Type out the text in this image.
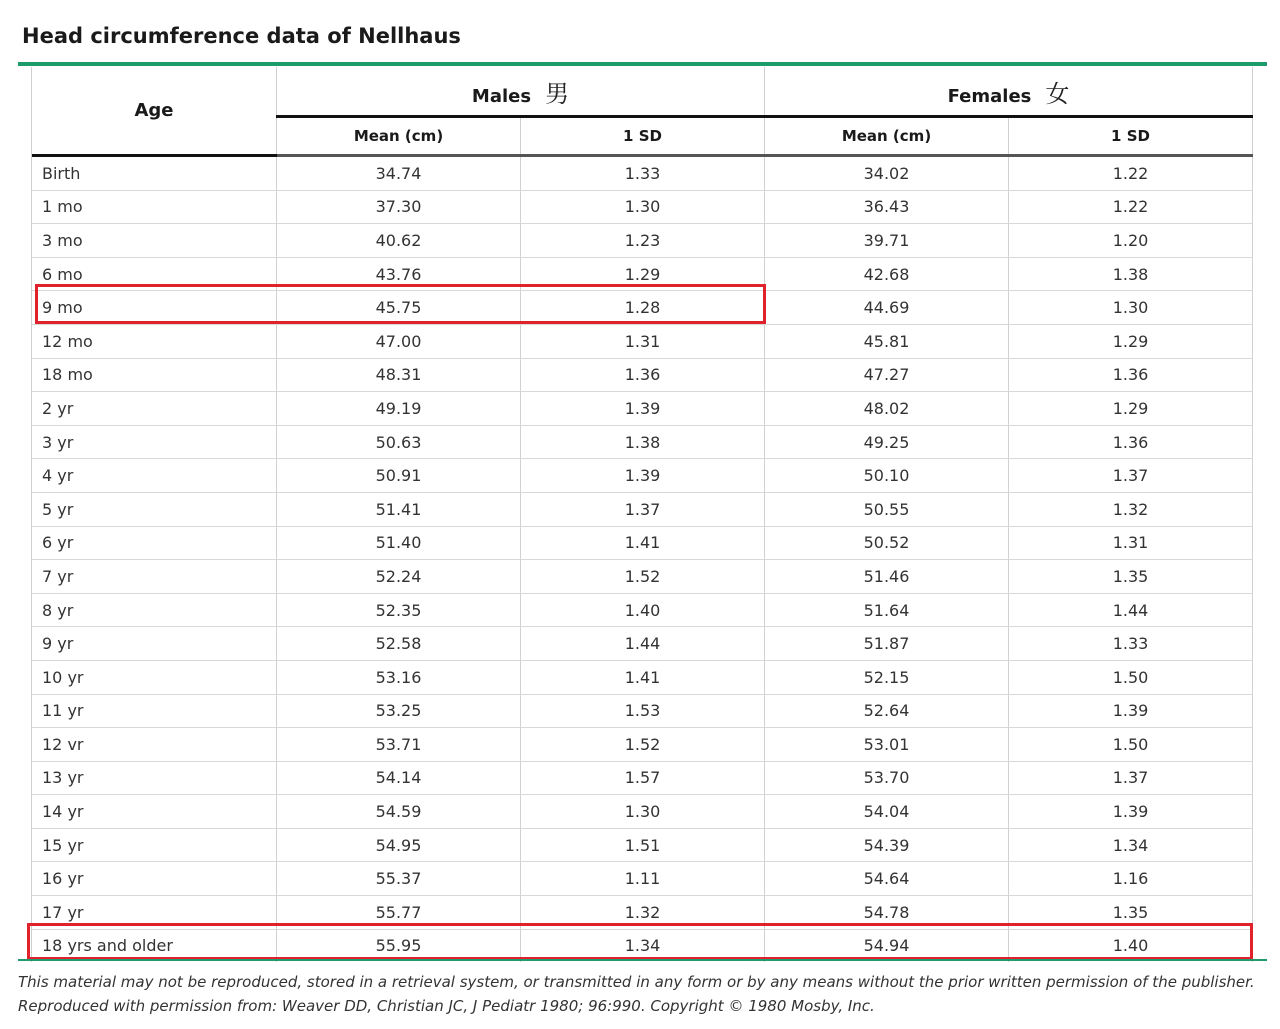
Head circumference data of Nellhaus
Age	Males 男		Females 女	
	Mean (cm)	1 SD	Mean (cm)	1 SD
Birth	34.74	1.33	34.02	1.22
1 mo	37.30	1.30	36.43	1.22
3 mo	40.62	1.23	39.71	1.20
6 mo	43.76	1.29	42.68	1.38
9 mo	45.75	1.28	44.69	1.30
12 mo	47.00	1.31	45.81	1.29
18 mo	48.31	1.36	47.27	1.36
2 yr	49.19	1.39	48.02	1.29
3 yr	50.63	1.38	49.25	1.36
4 yr	50.91	1.39	50.10	1.37
5 yr	51.41	1.37	50.55	1.32
6 yr	51.40	1.41	50.52	1.31
7 yr	52.24	1.52	51.46	1.35
8 yr	52.35	1.40	51.64	1.44
9 yr	52.58	1.44	51.87	1.33
10 yr	53.16	1.41	52.15	1.50
11 yr	53.25	1.53	52.64	1.39
12 vr	53.71	1.52	53.01	1.50
13 yr	54.14	1.57	53.70	1.37
14 yr	54.59	1.30	54.04	1.39
15 yr	54.95	1.51	54.39	1.34
16 yr	55.37	1.11	54.64	1.16
17 yr	55.77	1.32	54.78	1.35
18 yrs and older	55.95	1.34	54.94	1.40

This material may not be reproduced, stored in a retrieval system, or transmitted in any form or by any means without the prior written permission of the publisher.

Reproduced with permission from: Weaver DD, Christian JC, J Pediatr 1980; 96:990. Copyright © 1980 Mosby, Inc.
